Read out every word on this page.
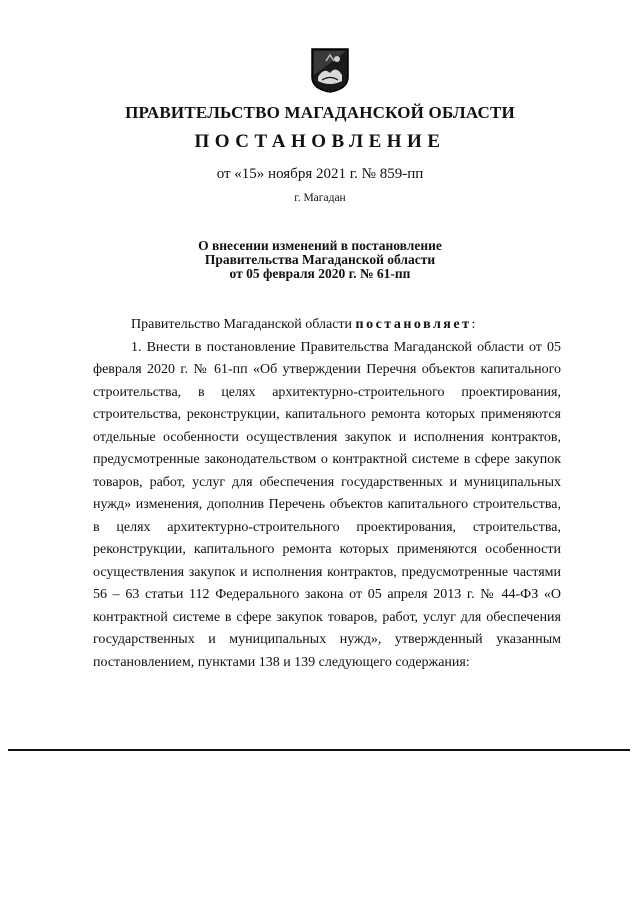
ПРАВИТЕЛЬСТВО МАГАДАНСКОЙ ОБЛАСТИ
ПОСТАНОВЛЕНИЕ
от «15» ноября 2021 г. № 859-пп
г. Магадан
О внесении изменений в постановление
Правительства Магаданской области
от 05 февраля 2020 г. № 61-пп

Правительство Магаданской области постановляет:

1. Внести в постановление Правительства Магаданской области от 05 февраля 2020 г. № 61-пп «Об утверждении Перечня объектов капитального строительства, в целях архитектурно-строительного проектирования, строительства, реконструкции, капитального ремонта которых применяются отдельные особенности осуществления закупок и исполнения контрактов, предусмотренные законодательством о контрактной системе в сфере закупок товаров, работ, услуг для обеспечения государственных и муниципальных нужд» изменения, дополнив Перечень объектов капитального строительства, в целях архитектурно-строительного проектирования, строительства, реконструкции, капитального ремонта которых применяются особенности осуществления закупок и исполнения контрактов, предусмотренные частями 56 – 63 статьи 112 Федерального закона от 05 апреля 2013 г. № 44-ФЗ «О контрактной системе в сфере закупок товаров, работ, услуг для обеспечения государственных и муниципальных нужд», утвержденный указанным постановлением, пунктами 138 и 139 следующего содержания:
